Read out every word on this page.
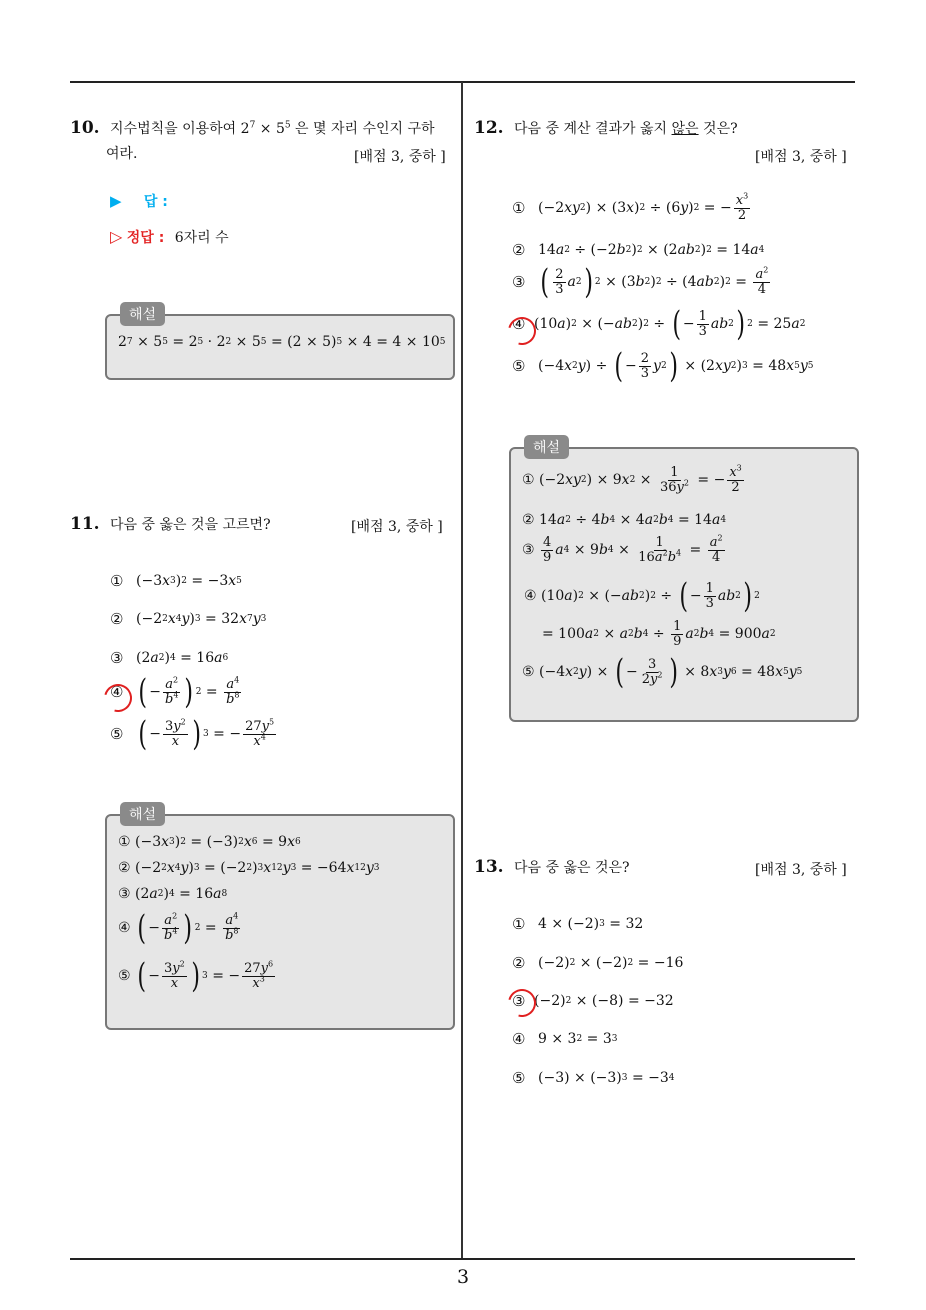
10. 지수법칙을 이용하여 $2^7 \times 5^5$ 은 몇 자리 수인지 구하
여라.	[배점 3, 중하 ]
▶ 답 :
▷ 정답 : 6자리 수
해설
2 7 × 5 5 = 2 5 · 2 2 × 5 5 = (2 × 5) 5 × 4 = 4 × 10 5
11. 다음 중 옳은 것을 고르면?	[배점 3, 중하 ]
① (−3 x 3 ) 2 = −3 x 5
② (−2 2 x 4 y ) 3 = 32 x 7 y 3
③ (2 a 2 ) 4 = 16 a 6
④ ( − $\frac{a^2}{b^4}$ ) $2 = \frac{a^4}{b^8}$
⑤ ( − $\frac{3y^2}{x}$ ) 3 = − $\frac{27y^5}{x^4}$
해설
① (−3 x 3 ) 2 = (−3) 2 x 6 = 9 x 6
② (−2 2 x 4 y ) 3 = (−2 2 ) 3 x 12 y 3 = −64 x 12 y 3
③ (2 a 2 ) 4 = 16 a 8
④ ( − $\frac{a^2}{b^4}$ ) $2 = \frac{a^4}{b^8}$
⑤ ( − $\frac{3y^2}{x}$ ) 3 = − $\frac{27y^6}{x^3}$
12. 다음 중 계산 결과가 옳지 않은 것은?
[배점 3, 중하 ]
① (−2 xy 2 ) × (3 x ) 2 ÷ (6 y ) 2 = − $\frac{x^3}{2}$
② 14 a 2 ÷ (−2 b 2 ) 2 × (2 ab 2 ) 2 = 14 a 4
③ ( $\frac{2}{3}$ a 2 ) 2 × (3 b 2 ) 2 ÷ (4 ab 2 ) $2 = \frac{a^2}{4}$
④ (10 a ) 2 × (− ab 2 ) 2 ÷ ( − $\frac{1}{3}$ ab 2 ) 2 = 25 a 2
⑤ (−4 x 2 y ) ÷ ( − $\frac{2}{3}$ y 2 ) × (2 xy 2 ) 3 = 48 x 5 y 5
해설
① (−2 xy 2 ) × 9 x $2 \times \frac{1}{36y^2}$ = − $\frac{x^3}{2}$
② 14 a 2 ÷ 4 b 4 × 4 a 2 b 4 = 14 a 4
③ $\frac{4}{9}$ a 4 × 9 b $4 \times \frac{1}{16a^2b^4} = \frac{a^2}{4}$
④ (10 a ) 2 × (− ab 2 ) 2 ÷ ( − $\frac{1}{3}$ ab 2 ) 2
= 100 a 2 × a 2 b $4 \div \frac{1}{9}$ a 2 b 4 = 900 a 2
⑤ (−4 x 2 y ) × ( − $\frac{3}{2y^2}$ ) × 8 x 3 y 6 = 48 x 5 y 5
13. 다음 중 옳은 것은?	[배점 3, 중하 ]
① 4 × (−2) 3 = 32
② (−2) 2 × (−2) 2 = −16
③ (−2) 2 × (−8) = −32
④ 9 × 3 2 = 3 3
⑤ (−3) × (−3) 3 = −3 4
3
